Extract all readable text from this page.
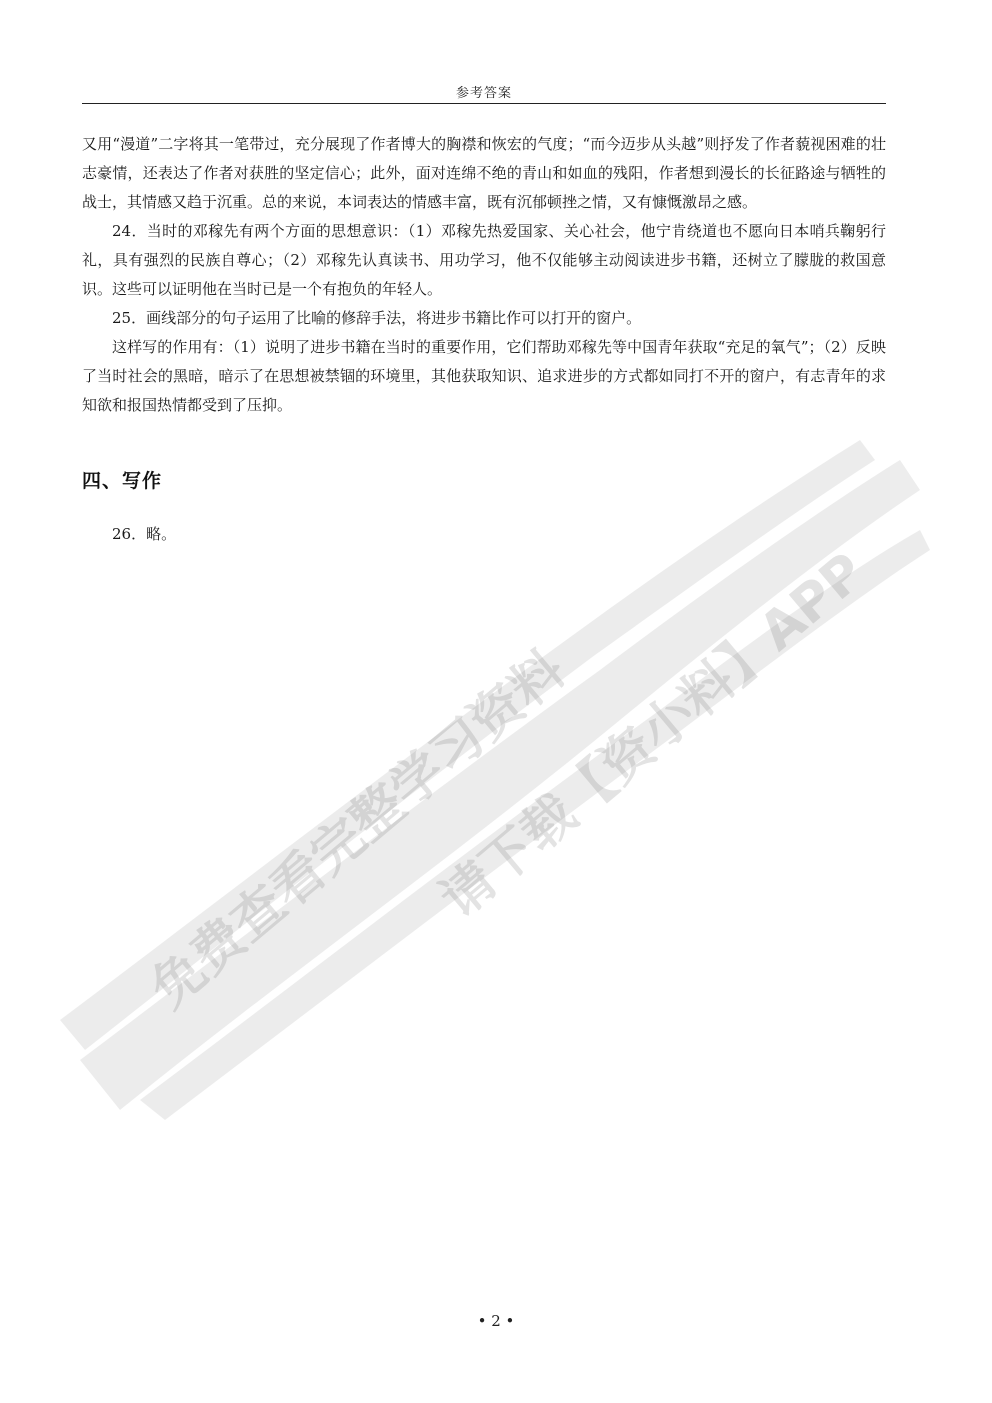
免费查看完整学习资料
请下载【资小料】APP
参考答案

又用“漫道”二字将其一笔带过，充分展现了作者博大的胸襟和恢宏的气度；“而今迈步从头越”则抒发了作者藐视困难的壮志豪情，还表达了作者对获胜的坚定信心；此外，面对连绵不绝的青山和如血的残阳，作者想到漫长的长征路途与牺牲的战士，其情感又趋于沉重。总的来说，本词表达的情感丰富，既有沉郁顿挫之情，又有慷慨激昂之感。

24．当时的邓稼先有两个方面的思想意识：（1）邓稼先热爱国家、关心社会，他宁肯绕道也不愿向日本哨兵鞠躬行礼，具有强烈的民族自尊心；（2）邓稼先认真读书、用功学习，他不仅能够主动阅读进步书籍，还树立了朦胧的救国意识。这些可以证明他在当时已是一个有抱负的年轻人。

25．画线部分的句子运用了比喻的修辞手法，将进步书籍比作可以打开的窗户。

这样写的作用有：（1）说明了进步书籍在当时的重要作用，它们帮助邓稼先等中国青年获取“充足的氧气”；（2）反映了当时社会的黑暗，暗示了在思想被禁锢的环境里，其他获取知识、追求进步的方式都如同打不开的窗户，有志青年的求知欲和报国热情都受到了压抑。

四、写作
26．略。
• 2 •
